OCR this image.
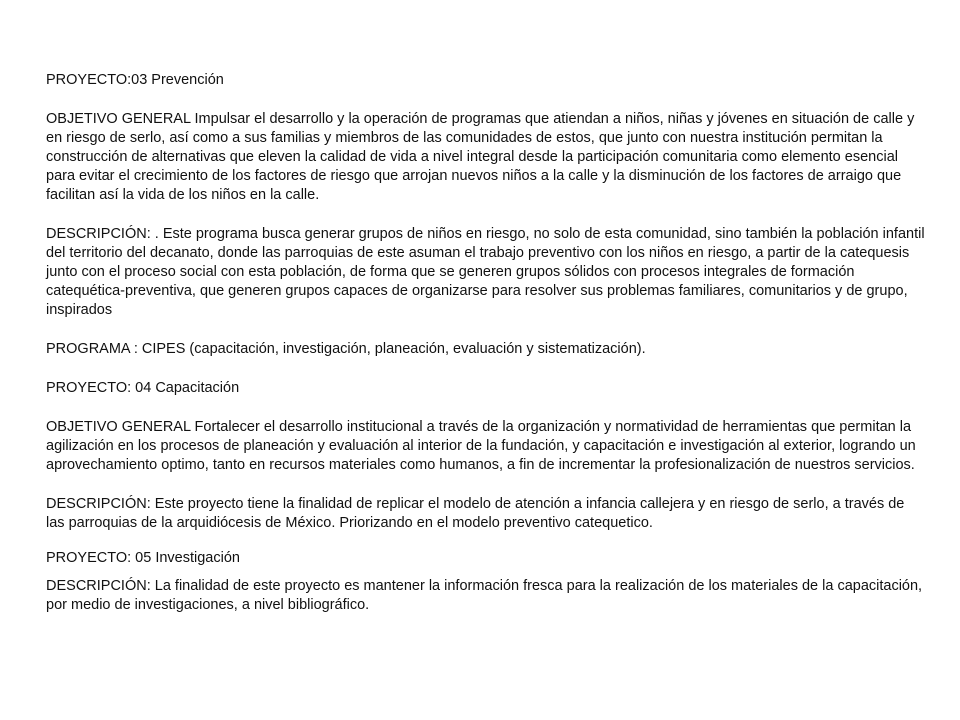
PROYECTO:03 Prevención

OBJETIVO GENERAL Impulsar el desarrollo y la operación de programas que atiendan a niños, niñas y jóvenes en situación de calle y en riesgo de serlo, así como a sus familias y miembros de las comunidades de estos, que junto con nuestra institución permitan la construcción de alternativas que eleven la calidad de vida a nivel integral desde la participación comunitaria como elemento esencial para evitar el crecimiento de los factores de riesgo que arrojan nuevos niños a la calle y la disminución de los factores de arraigo que facilitan así la vida de los niños en la calle.

DESCRIPCIÓN: . Este programa busca generar grupos de niños en riesgo, no solo de esta comunidad, sino también la población infantil del territorio del decanato, donde las parroquias de este asuman el trabajo preventivo con los niños en riesgo, a partir de la catequesis junto con el proceso social con esta población, de forma que se generen grupos sólidos con procesos integrales de formación catequética-preventiva, que generen grupos capaces de organizarse para resolver sus problemas familiares, comunitarios y de grupo, inspirados

PROGRAMA : CIPES (capacitación, investigación, planeación, evaluación y sistematización).

PROYECTO: 04 Capacitación

OBJETIVO GENERAL Fortalecer el desarrollo institucional a través de la organización y normatividad de herramientas que permitan la agilización en los procesos de planeación y evaluación al interior de la fundación, y capacitación e investigación al exterior, logrando un aprovechamiento optimo, tanto en recursos materiales como humanos, a fin de incrementar la profesionalización de nuestros servicios.

DESCRIPCIÓN: Este proyecto tiene la finalidad de replicar el modelo de atención a infancia callejera y en riesgo de serlo, a través de las parroquias de la arquidiócesis de México. Priorizando en el modelo preventivo catequetico.

PROYECTO: 05 Investigación

DESCRIPCIÓN: La finalidad de este proyecto es mantener la información fresca para la realización de los materiales de la capacitación, por medio de investigaciones, a nivel bibliográfico.
